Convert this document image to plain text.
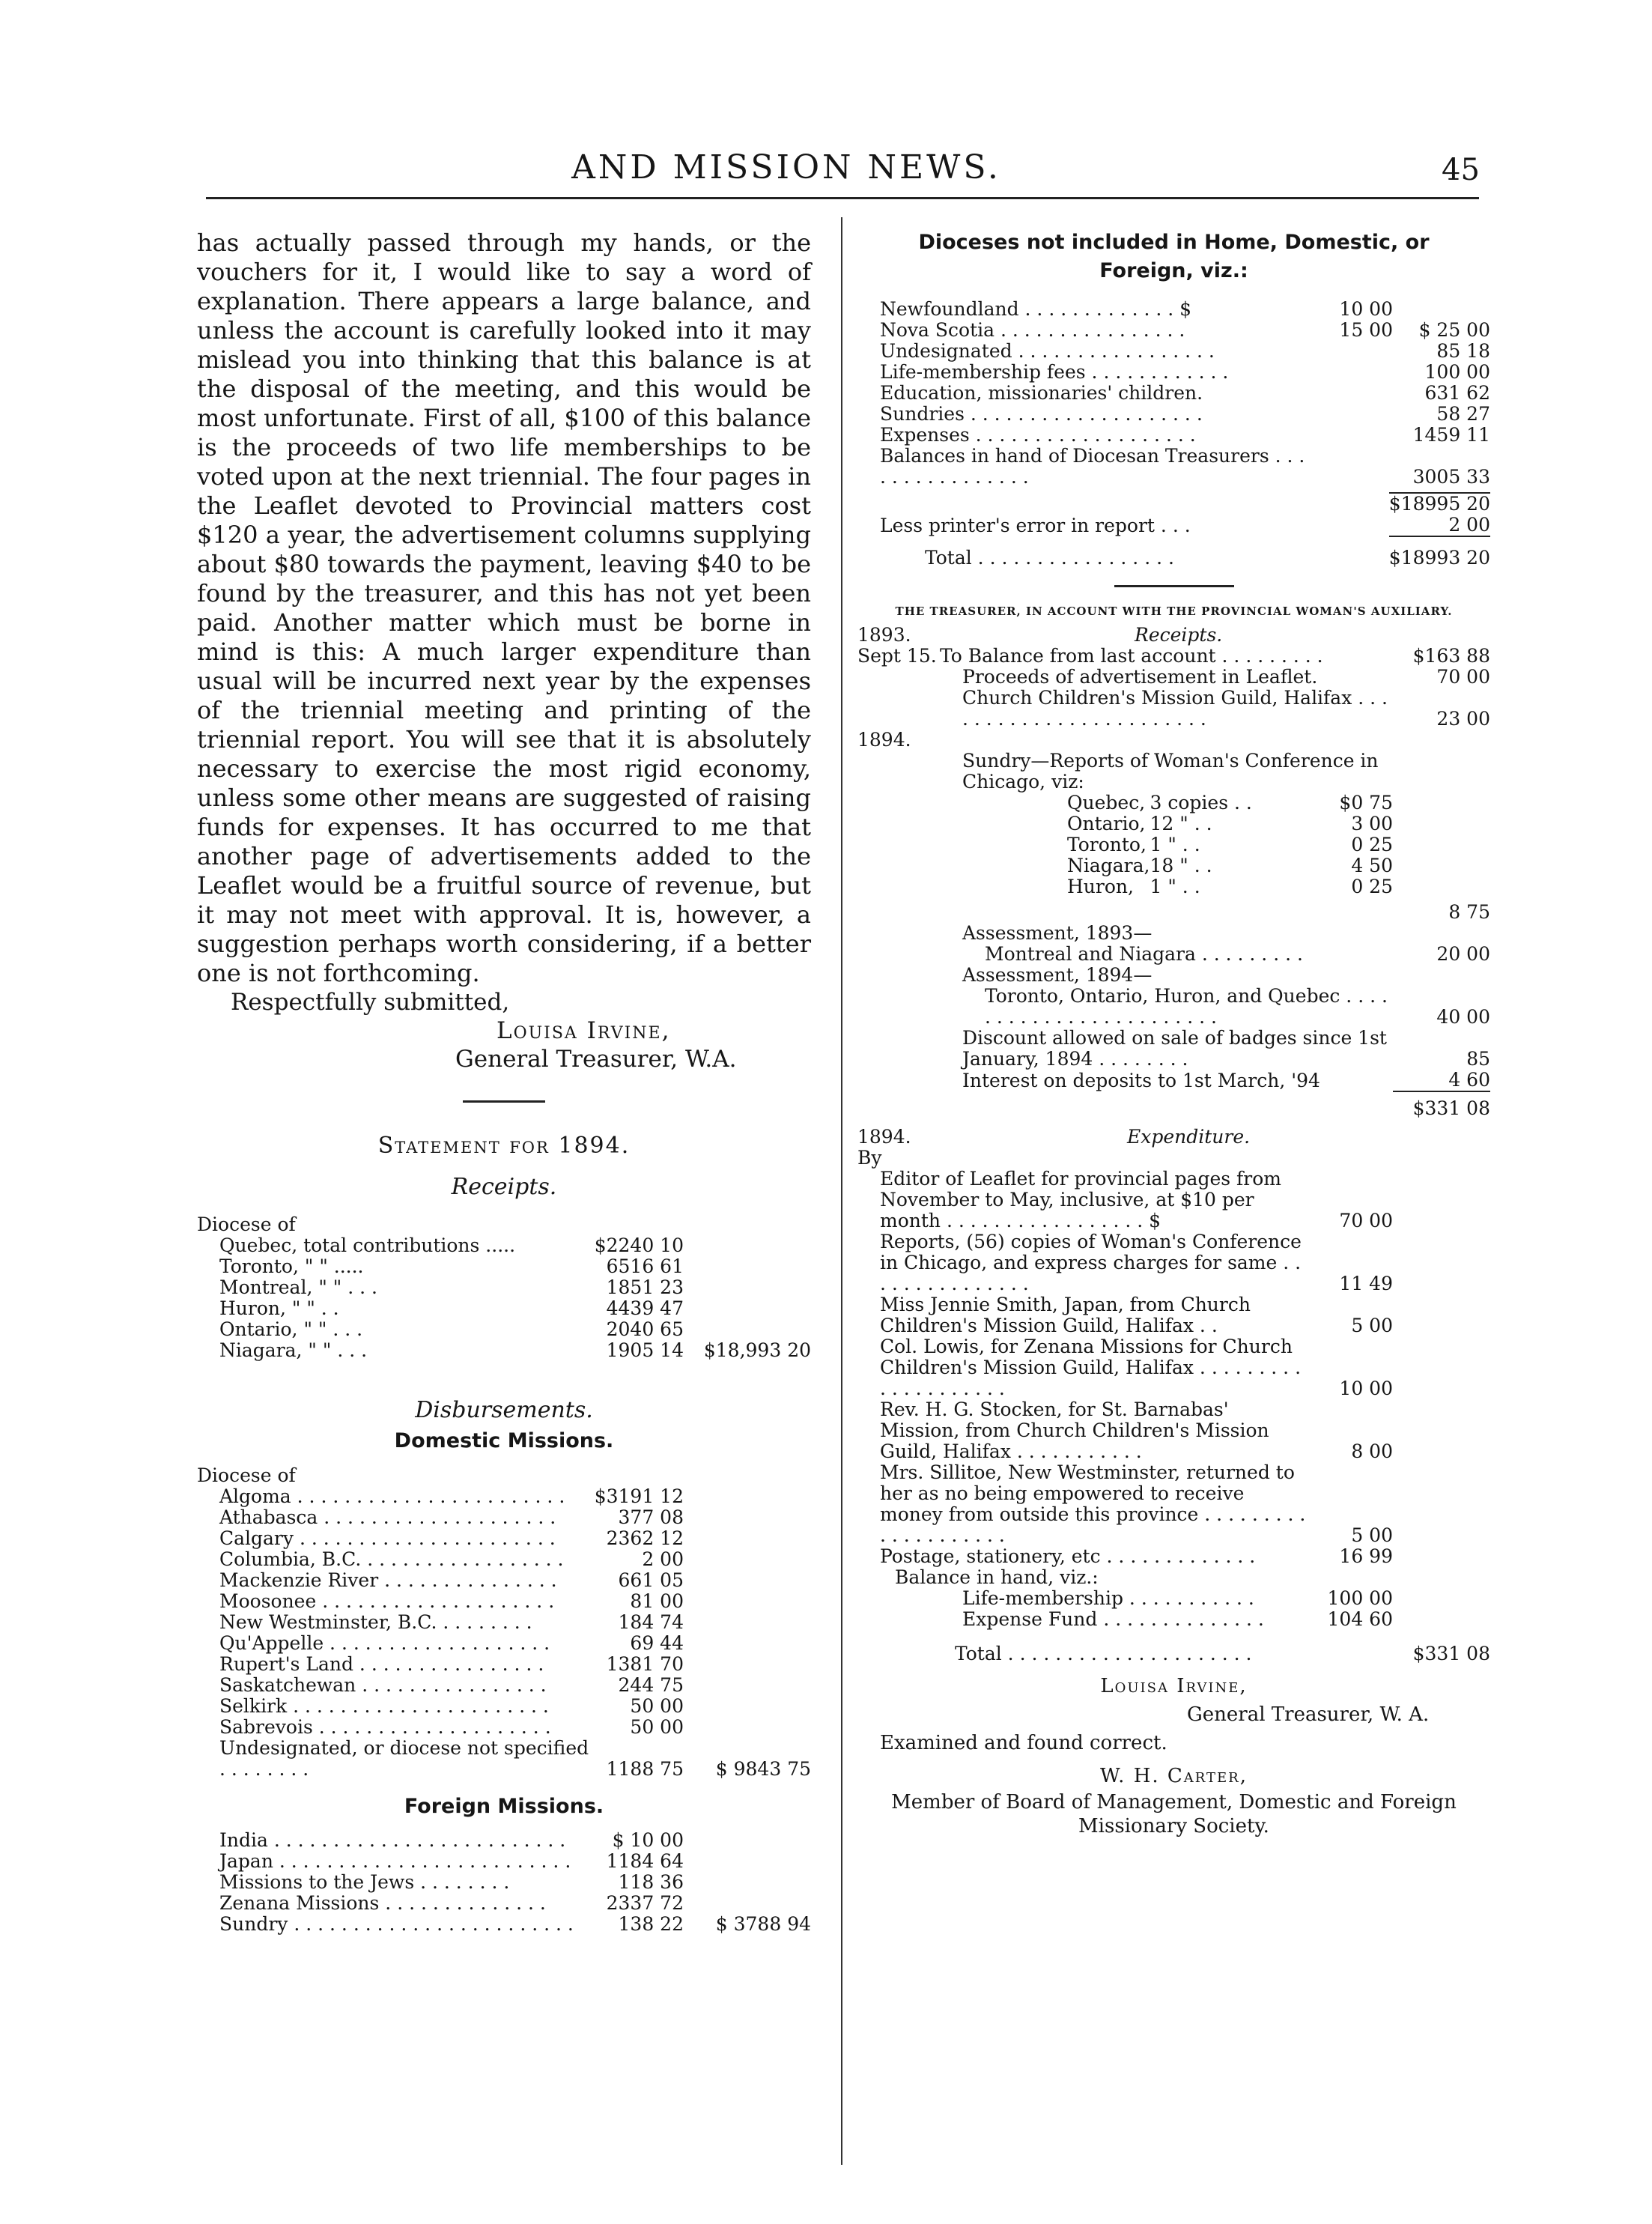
AND MISSION NEWS.	45

has actually passed through my hands, or the vouchers for it, I would like to say a word of explanation. There appears a large balance, and unless the account is carefully looked into it may mislead you into thinking that this balance is at the disposal of the meeting, and this would be most unfortunate. First of all, $100 of this balance is the proceeds of two life memberships to be voted upon at the next triennial. The four pages in the Leaflet devoted to Provincial matters cost $120 a year, the advertisement columns supplying about $80 towards the payment, leaving $40 to be found by the treasurer, and this has not yet been paid. Another matter which must be borne in mind is this: A much larger expenditure than usual will be incurred next year by the expenses of the triennial meeting and printing of the triennial report. You will see that it is absolutely necessary to exercise the most rigid economy, unless some other means are suggested of raising funds for expenses. It has occurred to me that another page of advertisements added to the Leaflet would be a fruitful source of revenue, but it may not meet with approval. It is, however, a suggestion perhaps worth considering, if a better one is not forthcoming.

Respectfully submitted,
Louisa Irvine,
General Treasurer, W.A.
Statement for 1894.
Receipts.
Diocese of
Quebec, total contributions .....	$2240 10	
Toronto, " " .....	6516 61	
Montreal, " " . . .	1851 23	
Huron, " " . .	4439 47	
Ontario, " " . . .	2040 65	
Niagara, " " . . .	1905 14	$18,993 20
Disbursements.
Domestic Missions.
Diocese of
Algoma . . . . . . . . . . . . . . . . . . . . . . .	$3191 12	
Athabasca . . . . . . . . . . . . . . . . . . . .	377 08	
Calgary . . . . . . . . . . . . . . . . . . . . . .	2362 12	
Columbia, B.C. . . . . . . . . . . . . . . . . .	2 00	
Mackenzie River . . . . . . . . . . . . . . .	661 05	
Moosonee . . . . . . . . . . . . . . . . . . . .	81 00	
New Westminster, B.C. . . . . . . . .	184 74	
Qu'Appelle . . . . . . . . . . . . . . . . . . .	69 44	
Rupert's Land . . . . . . . . . . . . . . . .	1381 70	
Saskatchewan . . . . . . . . . . . . . . . .	244 75	
Selkirk . . . . . . . . . . . . . . . . . . . . . .	50 00	
Sabrevois . . . . . . . . . . . . . . . . . . . .	50 00	
Undesignated, or diocese not specified . . . . . . . .	1188 75	$ 9843 75
Foreign Missions.
India . . . . . . . . . . . . . . . . . . . . . . . . .	$ 10 00	
Japan . . . . . . . . . . . . . . . . . . . . . . . . .	1184 64	
Missions to the Jews . . . . . . . .	118 36	
Zenana Missions . . . . . . . . . . . . . .	2337 72	
Sundry . . . . . . . . . . . . . . . . . . . . . . . .	138 22	$ 3788 94
Dioceses not included in Home, Domestic, or Foreign, viz.:
Newfoundland . . . . . . . . . . . . . $	10 00	
Nova Scotia . . . . . . . . . . . . . . . .	15 00	$ 25 00
Undesignated . . . . . . . . . . . . . . . . .		85 18
Life-membership fees . . . . . . . . . . . .		100 00
Education, missionaries' children.		631 62
Sundries . . . . . . . . . . . . . . . . . . . .		58 27
Expenses . . . . . . . . . . . . . . . . . . .		1459 11
Balances in hand of Diocesan Treasurers . . . . . . . . . . . . . . . .		3005 33
	$18995 20
Less printer's error in report . . .	2 00
Total . . . . . . . . . . . . . . . . .	$18993 20
THE TREASURER, IN ACCOUNT WITH THE PROVINCIAL WOMAN'S AUXILIARY.
1893.	Receipts.		
Sept 15.	To Balance from last account . . . . . . . . .		$163 88
	Proceeds of advertisement in Leaflet.		70 00
	Church Children's Mission Guild, Halifax . . . . . . . . . . . . . . . . . . . . . . . .		23 00
1894.			
	Sundry—Reports of Woman's Conference in Chicago, viz:		
Quebec,	3 copies . .	$0 75	
Ontario,	12 " . .	3 00	
Toronto,	1 " . .	0 25	
Niagara,	18 " . .	4 50	
Huron,	1 " . .	0 25	
		8 75
	Assessment, 1893—	
	Montreal and Niagara . . . . . . . . .	20 00
	Assessment, 1894—	
	Toronto, Ontario, Huron, and Quebec . . . . . . . . . . . . . . . . . . . . . . . .	40 00
	Discount allowed on sale of badges since 1st January, 1894 . . . . . . . .	85
	Interest on deposits to 1st March, '94	4 60
		$331 08
1894.	Expenditure.
By	
Editor of Leaflet for provincial pages from November to May, inclusive, at $10 per month . . . . . . . . . . . . . . . . . $	70 00	
Reports, (56) copies of Woman's Conference in Chicago, and express charges for same . . . . . . . . . . . . . . .	11 49	
Miss Jennie Smith, Japan, from Church Children's Mission Guild, Halifax . .	5 00	
Col. Lowis, for Zenana Missions for Church Children's Mission Guild, Halifax . . . . . . . . . . . . . . . . . . . .	10 00	
Rev. H. G. Stocken, for St. Barnabas' Mission, from Church Children's Mission Guild, Halifax . . . . . . . . . . .	8 00	
Mrs. Sillitoe, New Westminster, returned to her as no being empowered to receive money from outside this province . . . . . . . . . . . . . . . . . . . .	5 00	
Postage, stationery, etc . . . . . . . . . . . . .	16 99	
Balance in hand, viz.:		
Life-membership . . . . . . . . . . .	100 00	
Expense Fund . . . . . . . . . . . . . .	104 60	
Total . . . . . . . . . . . . . . . . . . . . .		$331 08
Louisa Irvine,
General Treasurer, W. A.
Examined and found correct.
W. H. Carter,
Member of Board of Management, Domestic and Foreign Missionary Society.
